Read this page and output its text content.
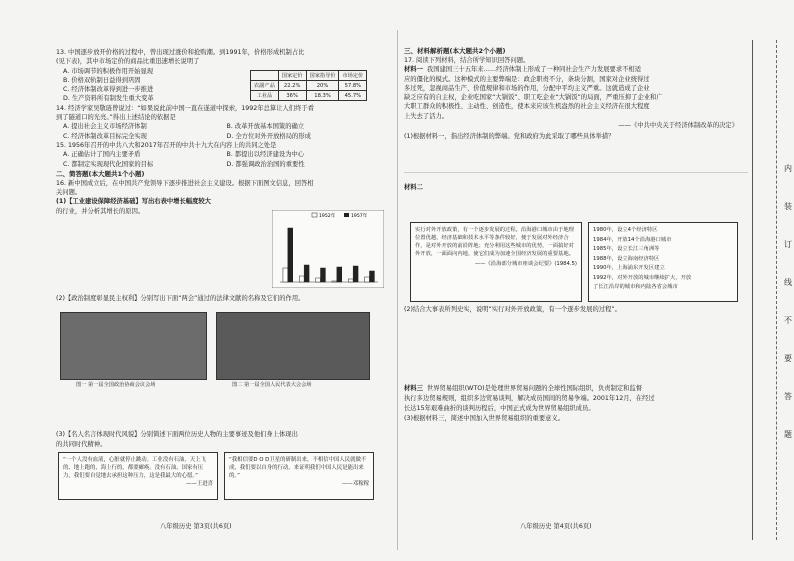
13. 中国逐步放开价格的过程中，曾出现过涨价和抢购潮。到1991年，价格形成机制占比
(见下表)，其中市场定价的商品比重迅速增长说明了
A. 市场调节的积极作用开始显现
B. 价格双轨制日益得到巩固
C. 经济体制改革得到进一步推进
D. 生产资料所有制发生重大变革
14. 经济学家吴敬琏曾说过：“如果说此前中国一直在遂道中探索，1992年总算让人们终于看
到了隧道口的光亮。”得出上述结论的依据是
A. 提出社会主义市场经济体制	B. 改革开放基本国策的确立
C. 经济体制改革目标完全实现	D. 全方位对外开放格局的形成
15. 1956年召开的中共八大和2017年召开的中共十九大在内容上的共同之处是
A. 正确估计了国内主要矛盾	B. 都提出以经济建设为中心
C. 都制定实现现代化国家的目标	D. 都强调政治治国的重要性
二、简答题(本大题共1个小题)
16. 新中国成立后，在中国共产党领导下逐步推进社会主义建设。根据下面图文信息，回答相
关问题。
(1)【工业建设保障经济基础】写出右表中增长幅度较大
的行业，并分析其增长的原因。
	国家定价	国家指导价	市场定价
农副产品	22.2%	20%	57.8%
工业品	36%	18.3%	45.7%
1952年	1957年
(2)【政治制度彰显民主权利】分别写出下面“两会”通过的法律文献的名称及它们的作用。
图一 第一届全国政治协商会议会场	图二 第一届全国人民代表大会会场
(3)【名人名言体现时代风貌】分别简述下面两位历史人物的主要事迹及他们身上体现出
的共同时代精神。
“一个人没有血液，心脏就停止跳动。工业没有石油，天上飞的、地上跑的，海上行的，都要瘫痪。没有石油，国家有压力，我们要自觉地去承担这种压力，这是我最大的心愿。”
——王进喜
“我相信要D O D卫星的研制出来，不相信中国人民就做不成，我们要以自身的行动，来证明我们中国人民是能出来的。”
——邓稼稼
八年级历史 第3页(共6页)
三、材料解析题(本大题共2个小题)
17. 阅读下列材料，结合所学知识回答问题。
材料一 我国建国三十五年来……经济体制上形成了一种同社会生产力发展要求不相适
应的僵化的模式。这种模式的主要弊端是：政企职责不分，条块分割，国家对企业统得过
多过死，忽视商品生产、价值规律和市场的作用，分配中平均主义严重。这就造成了企业
缺乏应有的自主权，企业吃国家“大锅饭”、职工吃企业“大锅饭”的局面，严重压抑了企业和广
大职工群众的积极性、主动性、创造性，使本来应该生机盎然的社会主义经济在很大程度
上失去了活力。
——《中共中央关于经济体制改革的决定》
(1)根据材料一，指出经济体制的弊端。党和政府为此采取了哪些具体举措？
材料二
实行对外开放政策，有一个逐步发展的过程。沿海港口城市由于地理位置优越，经济基础和技术水平等条件较好，便于发展对外经济合作，是对外开放的前沿阵地；充分利用这些城市的优势，一面搞好对外开放，一面面向内地，使它们成为加速全国经济发展的重要基地。
——《沿海部分城市座谈会纪要》(1984.5)
1980年，设立4个经济特区
1984年，开放14个沿海港口城市
1985年，设立长江三角洲等
1988年，设立海南经济特区
1990年，上海浦东开发区建立
1992年，对外开放的城市继续扩大，开放
了长江沿岸的城市和内陆各省会城市
(2)结合大事表所列史实，说明“实行对外开放政策，有一个逐步发展的过程”。
材料三 世界贸易组织(WTO)是处理世界贸易问题的全球性国际组织，负责制定和监督
执行多边贸易规则，组织多边贸易谈判，解决成员国间的贸易争端。2001年12月，在经过
长达15年艰难曲折的谈判历程后，中国正式成为世界贸易组织成员。
(3)根据材料三，简述中国加入世界贸易组织的重要意义。
八年级历史 第4页(共6页)
内
装
订
线
不
要
答
题
